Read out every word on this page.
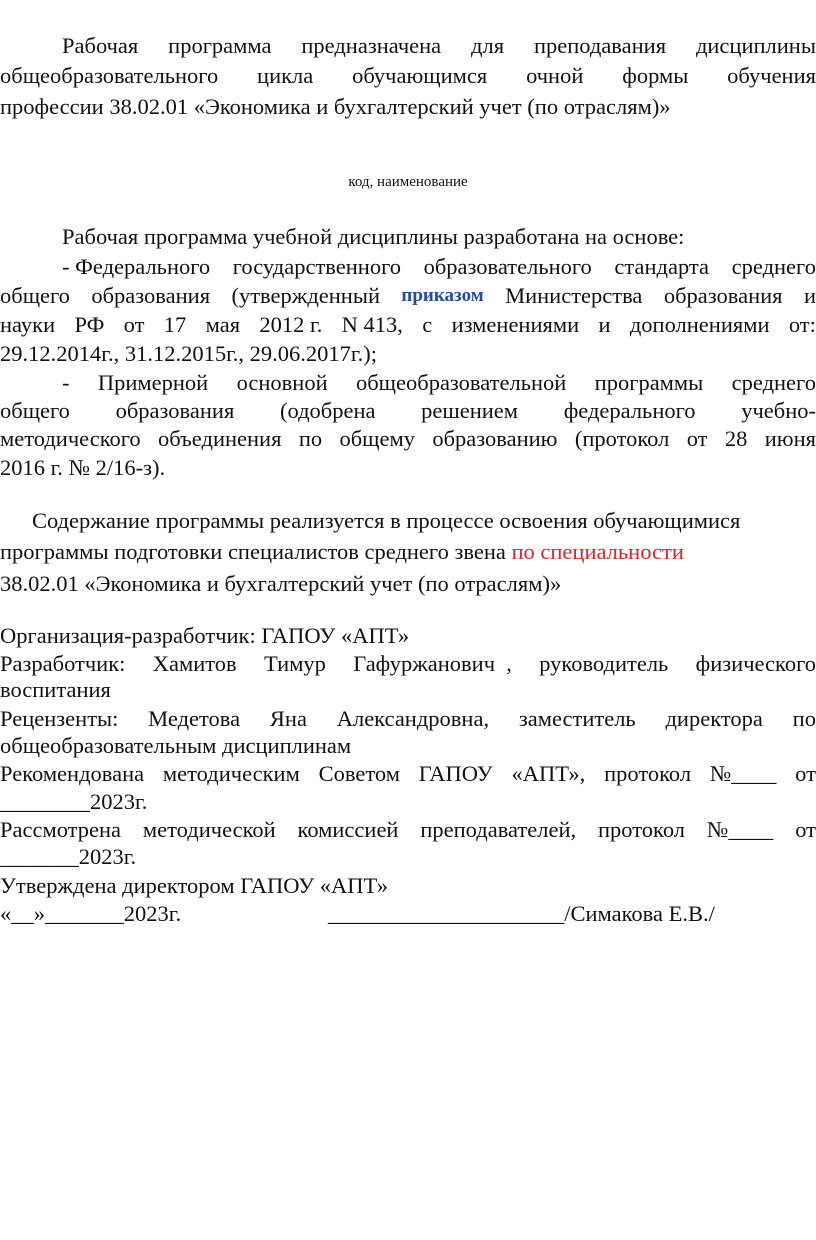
Рабочая программа предназначена для преподавания дисциплины
общеобразовательного цикла обучающимся очной формы обучения
профессии 38.02.01 «Экономика и бухгалтерский учет (по отраслям)»
код, наименование
Рабочая программа учебной дисциплины разработана на основе:
- Федерального государственного образовательного стандарта среднего
общего образования (утвержденный приказом Министерства образования и
науки РФ от 17 мая 2012 г. N 413, с изменениями и дополнениями от:
29.12.2014г., 31.12.2015г., 29.06.2017г.);
- Примерной основной общеобразовательной программы среднего
общего образования (одобрена решением федерального учебно-
методического объединения по общему образованию (протокол от 28 июня
2016 г. № 2/16-з).
Содержание программы реализуется в процессе освоения обучающимися
программы подготовки специалистов среднего звена по специальности
38.02.01 «Экономика и бухгалтерский учет (по отраслям)»
Организация-разработчик: ГАПОУ «АПТ»
Разработчик: Хамитов Тимур Гафуржанович  , руководитель физического
воспитания
Рецензенты: Медетова Яна Александровна, заместитель директора по
общеобразовательным дисциплинам
Рекомендована методическим Советом ГАПОУ «АПТ», протокол №____ от
________2023г.
Рассмотрена методической комиссией преподавателей, протокол №____ от
_______2023г.
Утверждена директором ГАПОУ «АПТ»
«__»_______2023г.	_____________________/Симакова Е.В./
